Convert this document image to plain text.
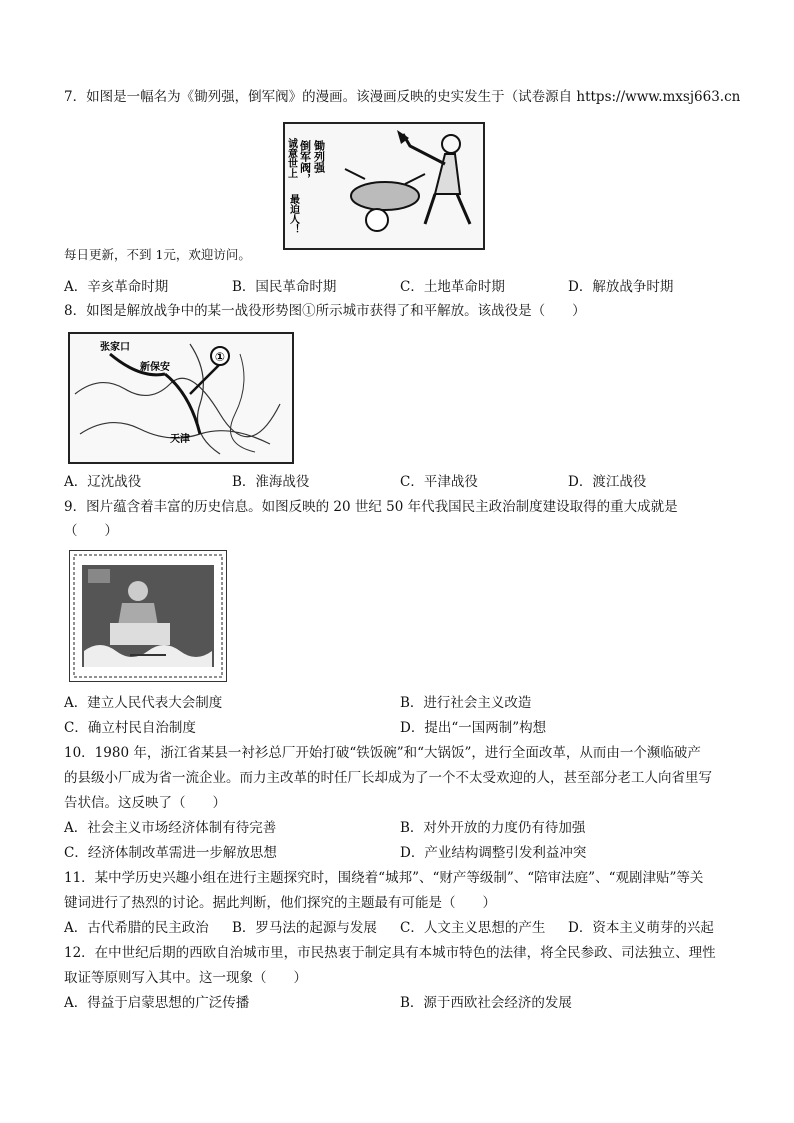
7．如图是一幅名为《锄列强，倒军阀》的漫画。该漫画反映的史实发生于（试卷源自 https://www.mxsj663.cn
锄列强
倒军阀，
诚意世上
最迫人！
每日更新，不到 1元，欢迎访问。
A．辛亥革命时期	B．国民革命时期	C．土地革命时期	D．解放战争时期
8．如图是解放战争中的某一战役形势图①所示城市获得了和平解放。该战役是（　　）
①
张家口
新保安
天津
A．辽沈战役	B．淮海战役	C．平津战役	D．渡江战役
9．图片蕴含着丰富的历史信息。如图反映的 20 世纪 50 年代我国民主政治制度建设取得的重大成就是
（　　）
A．建立人民代表大会制度	B．进行社会主义改造
C．确立村民自治制度	D．提出“一国两制”构想
10．1980 年，浙江省某县一衬衫总厂开始打破“铁饭碗”和“大锅饭”，进行全面改革，从而由一个濒临破产
的县级小厂成为省一流企业。而力主改革的时任厂长却成为了一个不太受欢迎的人，甚至部分老工人向省里写
告状信。这反映了（　　）
A．社会主义市场经济体制有待完善	B．对外开放的力度仍有待加强
C．经济体制改革需进一步解放思想	D．产业结构调整引发利益冲突
11．某中学历史兴趣小组在进行主题探究时，围绕着“城邦”、“财产等级制”、“陪审法庭”、“观剧津贴”等关
键词进行了热烈的讨论。据此判断，他们探究的主题最有可能是（　　）
A．古代希腊的民主政治 B．罗马法的起源与发展 C．人文主义思想的产生 D．资本主义萌芽的兴起
12．在中世纪后期的西欧自治城市里，市民热衷于制定具有本城市特色的法律，将全民参政、司法独立、理性
取证等原则写入其中。这一现象（　　）
A．得益于启蒙思想的广泛传播	B．源于西欧社会经济的发展
